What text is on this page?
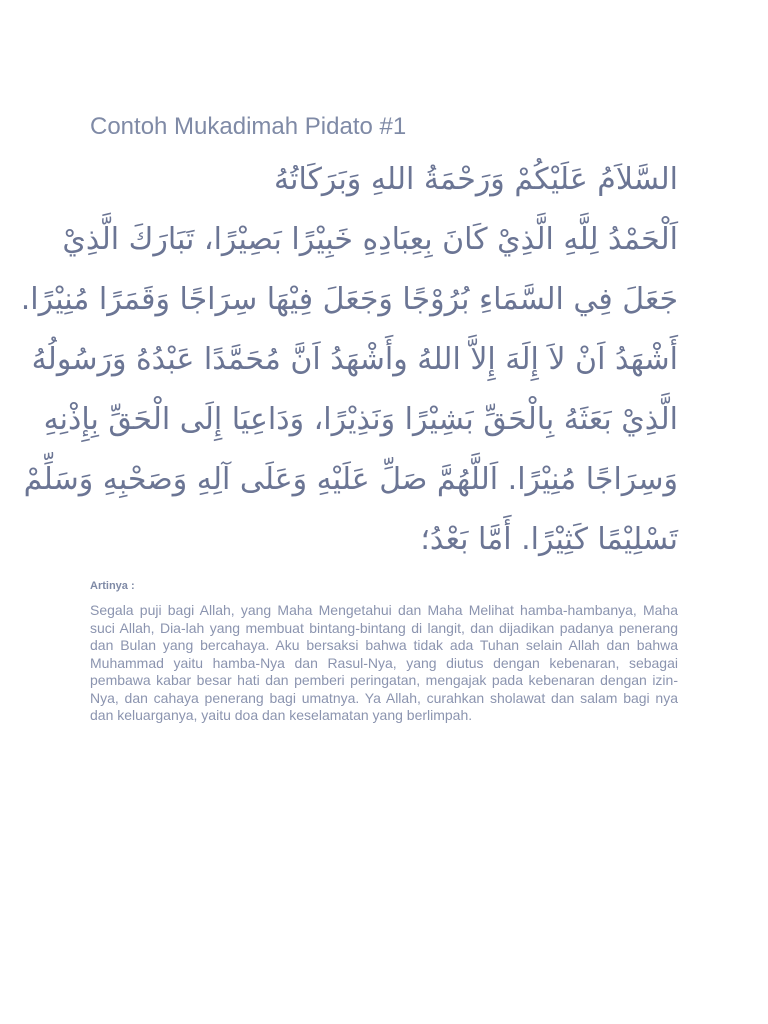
Contoh Mukadimah Pidato #1
السَّلاَمُ عَلَيْكُمْ وَرَحْمَةُ اللهِ وَبَرَكَاتُهُ
اَلْحَمْدُ لِلَّهِ الَّذِيْ كَانَ بِعِبَادِهِ خَبِيْرًا بَصِيْرًا، تَبَارَكَ الَّذِيْ
جَعَلَ فِي السَّمَاءِ بُرُوْجًا وَجَعَلَ فِيْهَا سِرَاجًا وَقَمَرًا مُنِيْرًا.
أَشْهَدُ اَنْ لاَ إِلَهَ إِلاَّ اللهُ وأَشْهَدُ اَنَّ مُحَمَّدًا عَبْدُهُ وَرَسُولُهُ
الَّذِيْ بَعَثَهُ بِالْحَقِّ بَشِيْرًا وَنَذِيْرًا، وَدَاعِيَا إِلَى الْحَقِّ بِإِذْنِهِ
وَسِرَاجًا مُنِيْرًا. اَللَّهُمَّ صَلِّ عَلَيْهِ وَعَلَى آلِهِ وَصَحْبِهِ وَسَلِّمْ
تَسْلِيْمًا كَثِيْرًا. أَمَّا بَعْدُ؛
Artinya :

Segala puji bagi Allah, yang Maha Mengetahui dan Maha Melihat hamba-hambanya, Maha suci Allah, Dia-lah yang membuat bintang-bintang di langit, dan dijadikan padanya penerang dan Bulan yang bercahaya. Aku bersaksi bahwa tidak ada Tuhan selain Allah dan bahwa Muhammad yaitu hamba-Nya dan Rasul-Nya, yang diutus dengan kebenaran, sebagai pembawa kabar besar hati dan pemberi peringatan, mengajak pada kebenaran dengan izin-Nya, dan cahaya penerang bagi umatnya. Ya Allah, curahkan sholawat dan salam bagi nya dan keluarganya, yaitu doa dan keselamatan yang berlimpah.
